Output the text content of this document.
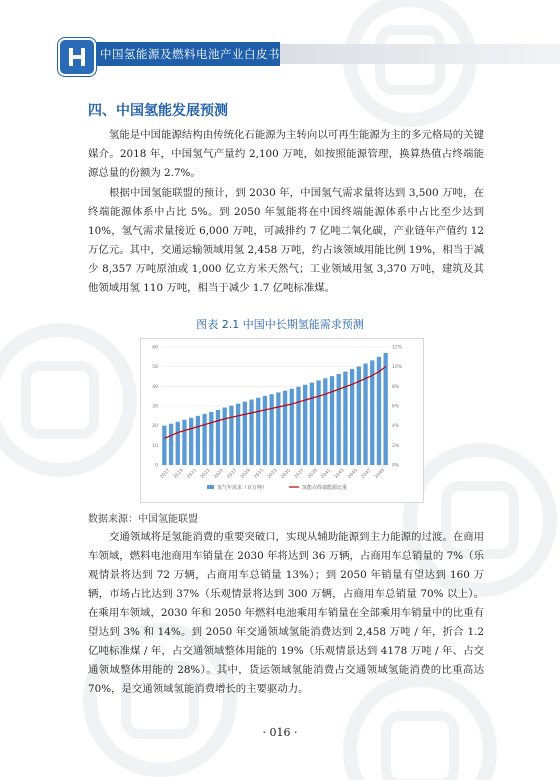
中国氢能源及燃料电池产业白皮书
四、中国氢能发展预测

氢能是中国能源结构由传统化石能源为主转向以可再生能源为主的多元格局的关键媒介。2018 年，中国氢气产量约 2,100 万吨，如按照能源管理，换算热值占终端能源总量的份额为 2.7%。

根据中国氢能联盟的预计，到 2030 年，中国氢气需求量将达到 3,500 万吨，在终端能源体系中占比 5%。到 2050 年氢能将在中国终端能源体系中占比至少达到 10%，氢气需求量接近 6,000 万吨，可减排约 7 亿吨二氧化碳，产业链年产值约 12 万亿元。其中，交通运输领域用氢 2,458 万吨，约占该领域用能比例 19%，相当于减少 8,357 万吨原油或 1,000 亿立方米天然气；工业领域用氢 3,370 万吨，建筑及其他领域用氢 110 万吨，相当于减少 1.7 亿吨标准煤。

图表 2.1 中国中长期氢能需求预测
0
10
20
30
40
50
60
0%
2%
4%
6%
8%
10%
12%
2017 2019 2021 2023 2025 2027 2029 2031 2033 2035 2037 2039 2041 2043 2045 2047 2049
氢气年需求（百万吨）	氢能占终端能源比重
数据来源：中国氢能联盟

交通领域将是氢能消费的重要突破口，实现从辅助能源到主力能源的过渡。在商用车领域，燃料电池商用车销量在 2030 年将达到 36 万辆，占商用车总销量的 7%（乐观情景将达到 72 万辆，占商用车总销量 13%）；到 2050 年销量有望达到 160 万辆，市场占比达到 37%（乐观情景将达到 300 万辆，占商用车总销量 70% 以上）。在乘用车领域，2030 年和 2050 年燃料电池乘用车销量在全部乘用车销量中的比重有望达到 3% 和 14%。到 2050 年交通领域氢能消费达到 2,458 万吨 / 年，折合 1.2 亿吨标准煤 / 年，占交通领域整体用能的 19%（乐观情景达到 4178 万吨 / 年、占交通领域整体用能的 28%）。其中，货运领域氢能消费占交通领域氢能消费的比重高达 70%，是交通领域氢能消费增长的主要驱动力。

· 016 ·
